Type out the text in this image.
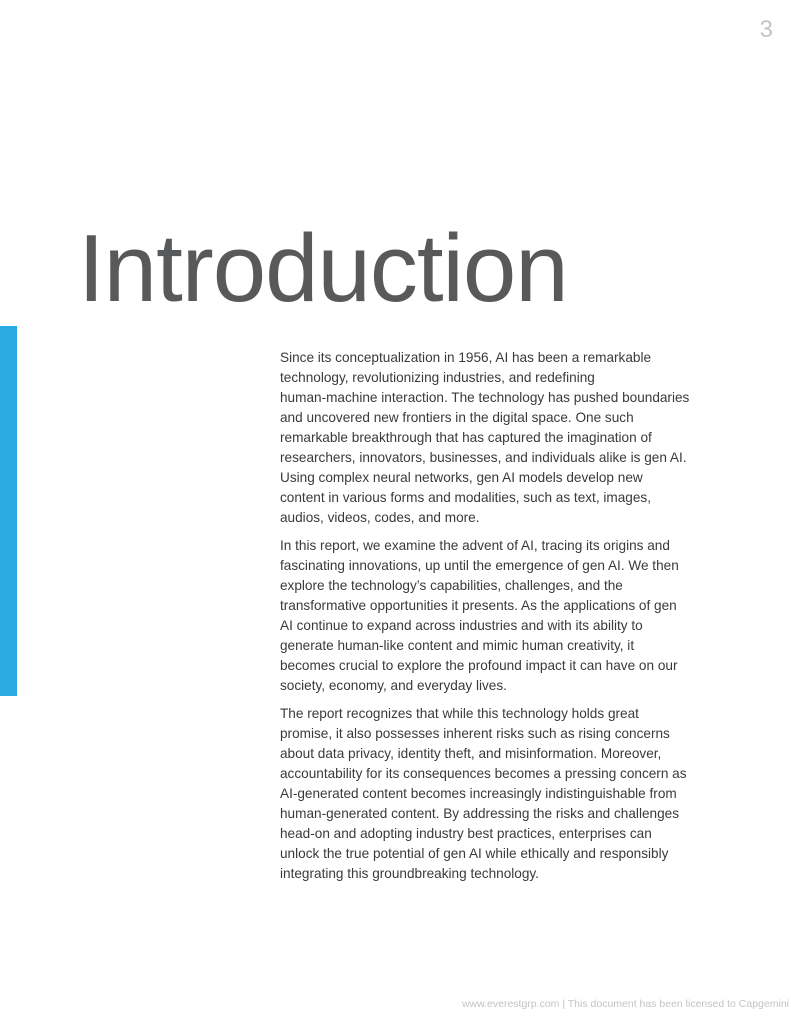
3
Introduction

Since its conceptualization in 1956, AI has been a remarkable
technology, revolutionizing industries, and redefining
human-machine interaction. The technology has pushed boundaries
and uncovered new frontiers in the digital space. One such
remarkable breakthrough that has captured the imagination of
researchers, innovators, businesses, and individuals alike is gen AI.
Using complex neural networks, gen AI models develop new
content in various forms and modalities, such as text, images,
audios, videos, codes, and more.

In this report, we examine the advent of AI, tracing its origins and
fascinating innovations, up until the emergence of gen AI. We then
explore the technology’s capabilities, challenges, and the
transformative opportunities it presents. As the applications of gen
AI continue to expand across industries and with its ability to
generate human-like content and mimic human creativity, it
becomes crucial to explore the profound impact it can have on our
society, economy, and everyday lives.

The report recognizes that while this technology holds great
promise, it also possesses inherent risks such as rising concerns
about data privacy, identity theft, and misinformation. Moreover,
accountability for its consequences becomes a pressing concern as
AI-generated content becomes increasingly indistinguishable from
human-generated content. By addressing the risks and challenges
head-on and adopting industry best practices, enterprises can
unlock the true potential of gen AI while ethically and responsibly
integrating this groundbreaking technology.

www.everestgrp.com | This document has been licensed to Capgemini
